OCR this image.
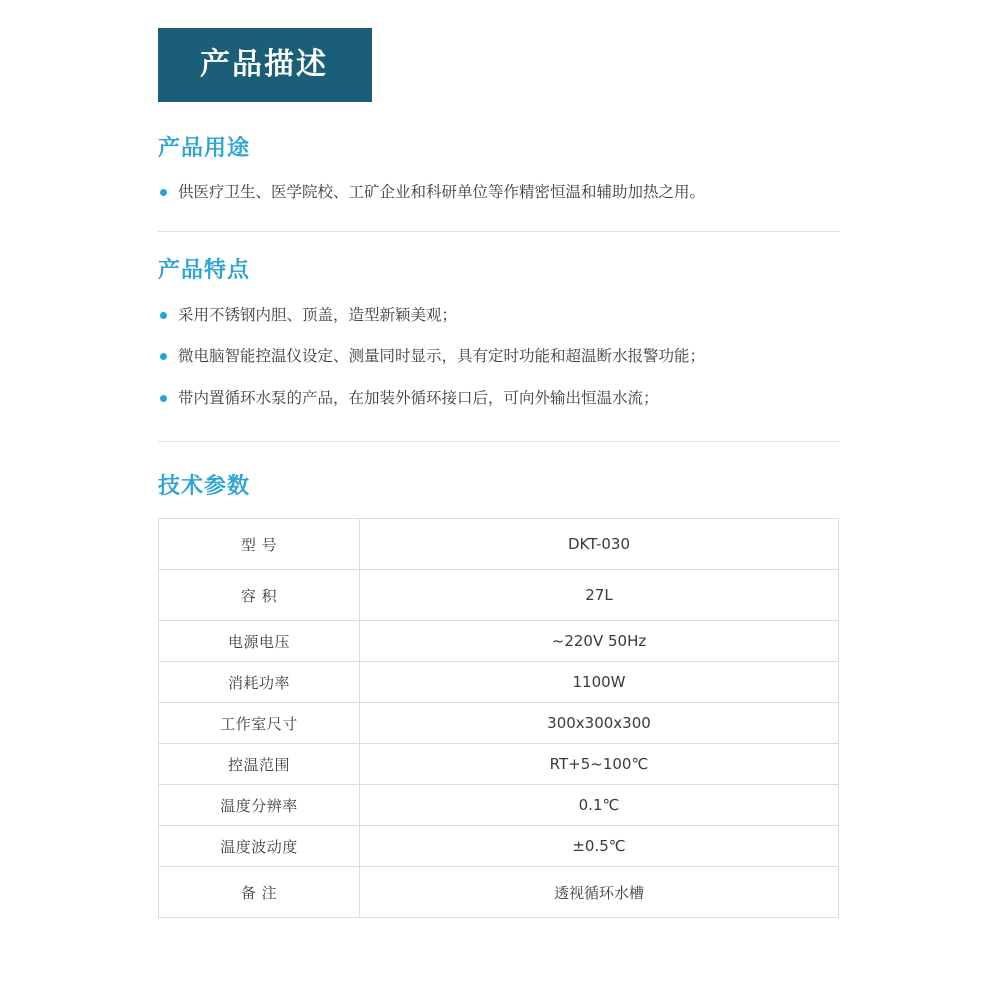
产品描述
产品用途
供医疗卫生、医学院校、工矿企业和科研单位等作精密恒温和辅助加热之用。
产品特点
采用不锈钢内胆、顶盖，造型新颖美观；
微电脑智能控温仪设定、测量同时显示，具有定时功能和超温断水报警功能；
带内置循环水泵的产品，在加装外循环接口后，可向外输出恒温水流；
技术参数
型 号	DKT-030
容 积	27L
电源电压	~220V 50Hz
消耗功率	1100W
工作室尺寸	300x300x300
控温范围	RT+5~100℃
温度分辨率	0.1℃
温度波动度	±0.5℃
备 注	透视循环水槽
